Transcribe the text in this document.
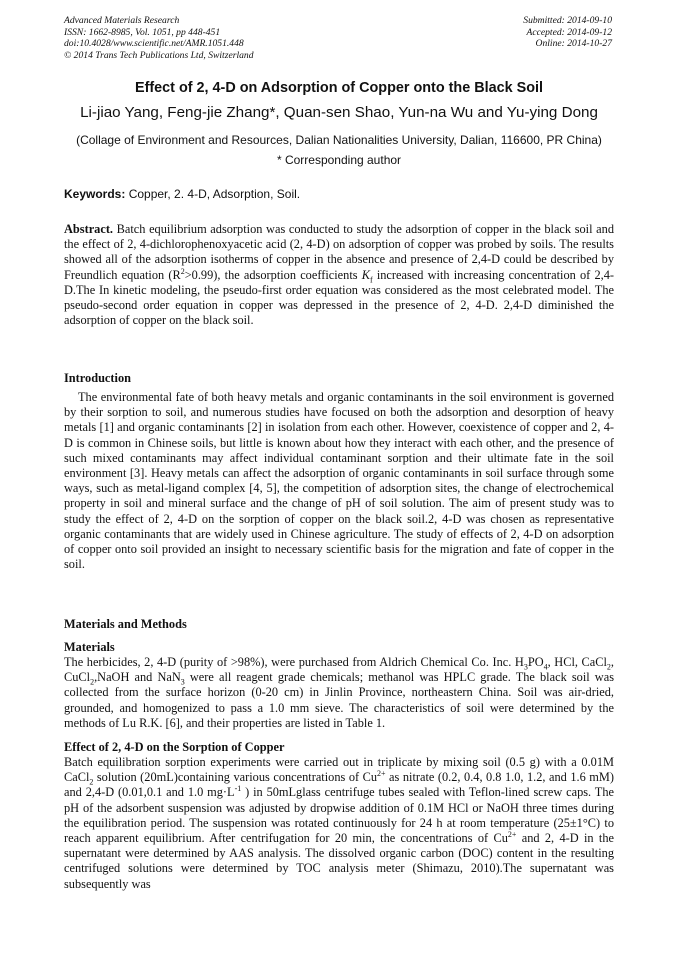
Advanced Materials Research
ISSN: 1662-8985, Vol. 1051, pp 448-451
doi:10.4028/www.scientific.net/AMR.1051.448
© 2014 Trans Tech Publications Ltd, Switzerland
Submitted: 2014-09-10
Accepted: 2014-09-12
Online: 2014-10-27
Effect of 2, 4-D on Adsorption of Copper onto the Black Soil
Li-jiao Yang, Feng-jie Zhang*, Quan-sen Shao, Yun-na Wu and Yu-ying Dong
(Collage of Environment and Resources, Dalian Nationalities University, Dalian, 116600, PR China)
* Corresponding author
Keywords: Copper, 2. 4-D, Adsorption, Soil.
Abstract. Batch equilibrium adsorption was conducted to study the adsorption of copper in the black soil and the effect of 2, 4-dichlorophenoxyacetic acid (2, 4-D) on adsorption of copper was probed by soils. The results showed all of the adsorption isotherms of copper in the absence and presence of 2,4-D could be described by Freundlich equation $(R^2>0.99)$, the adsorption coefficients $K_f$ increased with increasing concentration of 2,4-D.The In kinetic modeling, the pseudo-first order equation was considered as the most celebrated model. The pseudo-second order equation in copper was depressed in the presence of 2, 4-D. 2,4-D diminished the adsorption of copper on the black soil.
Introduction
The environmental fate of both heavy metals and organic contaminants in the soil environment is governed by their sorption to soil, and numerous studies have focused on both the adsorption and desorption of heavy metals [1] and organic contaminants [2] in isolation from each other. However, coexistence of copper and 2, 4-D is common in Chinese soils, but little is known about how they interact with each other, and the presence of such mixed contaminants may affect individual contaminant sorption and their ultimate fate in the soil environment [3]. Heavy metals can affect the adsorption of organic contaminants in soil surface through some ways, such as metal-ligand complex [4, 5], the competition of adsorption sites, the change of electrochemical property in soil and mineral surface and the change of pH of soil solution. The aim of present study was to study the effect of 2, 4-D on the sorption of copper on the black soil.2, 4-D was chosen as representative organic contaminants that are widely used in Chinese agriculture. The study of effects of 2, 4-D on adsorption of copper onto soil provided an insight to necessary scientific basis for the migration and fate of copper in the soil.
Materials and Methods
Materials
The herbicides, 2, 4-D (purity of >98%), were purchased from Aldrich Chemical Co. Inc. $H_3PO_4$, HCl, CaCl$_2$, CuCl$_2$,NaOH and NaN$_3$ were all reagent grade chemicals; methanol was HPLC grade. The black soil was collected from the surface horizon (0-20 cm) in Jinlin Province, northeastern China. Soil was air-dried, grounded, and homogenized to pass a 1.0 mm sieve. The characteristics of soil were determined by the methods of Lu R.K. [6], and their properties are listed in Table 1.
Effect of 2, 4-D on the Sorption of Copper
Batch equilibration sorption experiments were carried out in triplicate by mixing soil (0.5 g) with a 0.01M CaCl$_2$ solution (20mL)containing various concentrations of $Cu^{2+}$ as nitrate (0.2, 0.4, 0.8 1.0, 1.2, and 1.6 mM) and 2,4-D (0.01,0.1 and 1.0 $mg\cdot L^{-1}$ ) in 50mLglass centrifuge tubes sealed with Teflon-lined screw caps. The pH of the adsorbent suspension was adjusted by dropwise addition of 0.1M HCl or NaOH three times during the equilibration period. The suspension was rotated continuously for 24 h at room temperature (25±1°C) to reach apparent equilibrium. After centrifugation for 20 min, the concentrations of $Cu^{2+}$ and 2, 4-D in the supernatant were determined by AAS analysis. The dissolved organic carbon (DOC) content in the resulting centrifuged solutions were determined by TOC analysis meter (Shimazu, 2010).The supernatant was subsequently was
